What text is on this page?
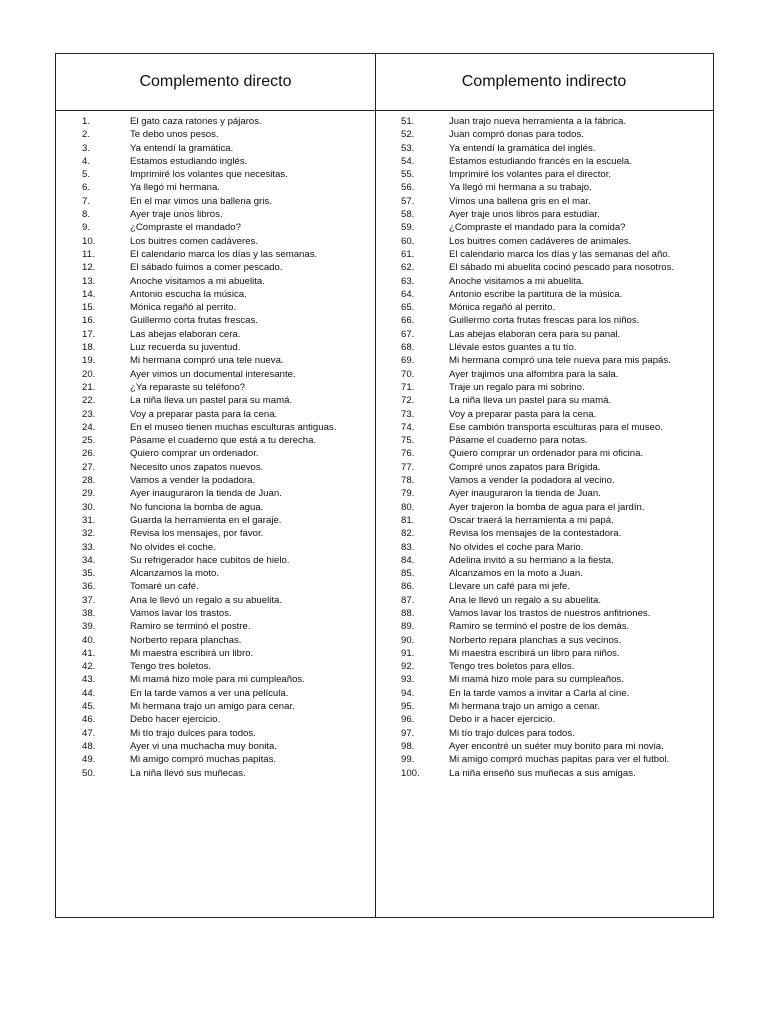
Complemento directo
1.	El gato caza ratones y pájaros.
2.	Te debo unos pesos.
3.	Ya entendí la gramática.
4.	Estamos estudiando inglés.
5.	Imprimiré los volantes que necesitas.
6.	Ya llegó mi hermana.
7.	En el mar vimos una ballena gris.
8.	Ayer traje unos libros.
9.	¿Compraste el mandado?
10.	Los buitres comen cadáveres.
11.	El calendario marca los días y las semanas.
12.	El sábado fuimos a comer pescado.
13.	Anoche visitamos a mi abuelita.
14.	Antonio escucha la música.
15.	Mónica regañó al perrito.
16.	Guillermo corta frutas frescas.
17.	Las abejas elaboran cera.
18.	Luz recuerda su juventud.
19.	Mi hermana compró una tele nueva.
20.	Ayer vimos un documental interesante.
21.	¿Ya reparaste su teléfono?
22.	La niña lleva un pastel para su mamá.
23.	Voy a preparar pasta para la cena.
24.	En el museo tienen muchas esculturas antiguas.
25.	Pásame el cuaderno que está a tu derecha.
26.	Quiero comprar un ordenador.
27.	Necesito unos zapatos nuevos.
28.	Vamos a vender la podadora.
29.	Ayer inauguraron la tienda de Juan.
30.	No funciona la bomba de agua.
31.	Guarda la herramienta en el garaje.
32.	Revisa los mensajes, por favor.
33.	No olvides el coche.
34.	Su refrigerador hace cubitos de hielo.
35.	Alcanzamos la moto.
36.	Tomaré un café.
37.	Ana le llevó un regalo a su abuelita.
38.	Vamos lavar los trastos.
39.	Ramiro se terminó el postre.
40.	Norberto repara planchas.
41.	Mi maestra escribirá un libro.
42.	Tengo tres boletos.
43.	Mi mamá hizo mole para mi cumpleaños.
44.	En la tarde vamos a ver una película.
45.	Mi hermana trajo un amigo para cenar.
46.	Debo hacer ejercicio.
47.	Mi tío trajo dulces para todos.
48.	Ayer vi una muchacha muy bonita.
49.	Mi amigo compró muchas papitas.
50.	La niña llevó sus muñecas.
Complemento indirecto
51.	Juan trajo nueva herramienta a la fábrica.
52.	Juan compró donas para todos.
53.	Ya entendí la gramática del inglés.
54.	Estamos estudiando francés en la escuela.
55.	Imprimiré los volantes para el director.
56.	Ya llegó mi hermana a su trabajo.
57.	Vimos una ballena gris en el mar.
58.	Ayer traje unos libros para estudiar.
59.	¿Compraste el mandado para la comida?
60.	Los buitres comen cadáveres de animales.
61.	El calendario marca los días y las semanas del año.
62.	El sábado mi abuelita cocinó pescado para nosotros.
63.	Anoche visitamos a mi abuelita.
64.	Antonio escribe la partitura de la música.
65.	Mónica regañó al perrito.
66.	Guillermo corta frutas frescas para los niños.
67.	Las abejas elaboran cera para su panal.
68.	Llévale estos guantes a tu tío.
69.	Mi hermana compró una tele nueva para mis papás.
70.	Ayer trajimos una alfombra para la sala.
71.	Traje un regalo para mi sobrino.
72.	La niña lleva un pastel para su mamá.
73.	Voy a preparar pasta para la cena.
74.	Ese cambión transporta esculturas para el museo.
75.	Pásame el cuaderno para notas.
76.	Quiero comprar un ordenador para mi oficina.
77.	Compré unos zapatos para Brígida.
78.	Vamos a vender la podadora al vecino.
79.	Ayer inauguraron la tienda de Juan.
80.	Ayer trajeron la bomba de agua para el jardín.
81.	Oscar traerá la herramienta a mi papá.
82.	Revisa los mensajes de la contestadora.
83.	No olvides el coche para Mario.
84.	Adelina invitó a su hermano a la fiesta.
85.	Alcanzamos en la moto a Juan.
86.	Llevare un café para mi jefe.
87.	Ana le llevó un regalo a su abuelita.
88.	Vamos lavar los trastos de nuestros anfitriones.
89.	Ramiro se terminó el postre de los demás.
90.	Norberto repara planchas a sus vecinos.
91.	Mi maestra escribirá un libro para niños.
92.	Tengo tres boletos para ellos.
93.	Mi mamá hizo mole para su cumpleaños.
94.	En la tarde vamos a invitar a Carla al cine.
95.	Mi hermana trajo un amigo a cenar.
96.	Debo ir a hacer ejercicio.
97.	Mi tío trajo dulces para todos.
98.	Ayer encontré un suéter muy bonito para mi novia.
99.	Mi amigo compró muchas papitas para ver el futbol.
100.	La niña enseñó sus muñecas a sus amigas.
